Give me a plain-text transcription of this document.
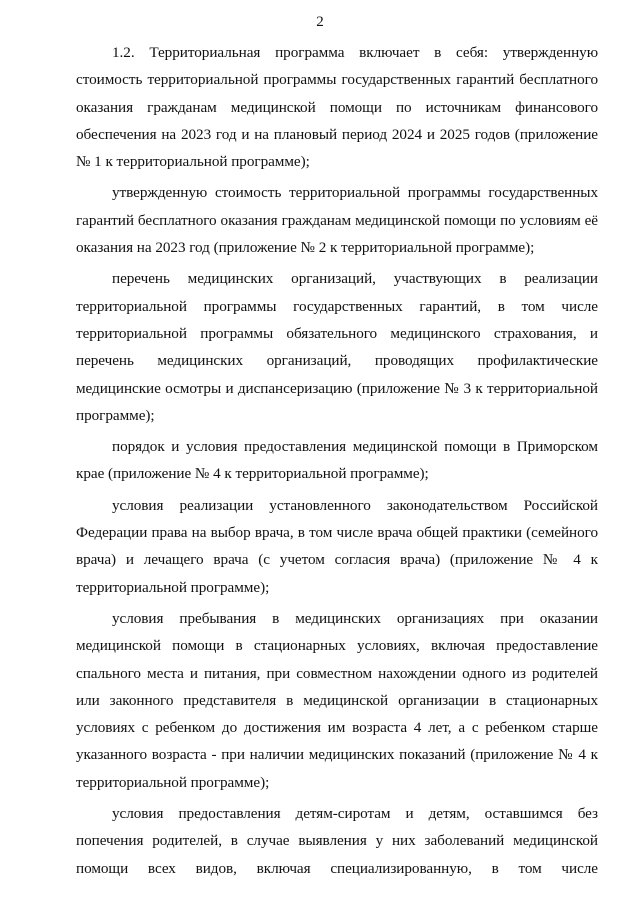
2

1.2. Территориальная программа включает в себя: утвержденную стоимость территориальной программы государственных гарантий бесплатного оказания гражданам медицинской помощи по источникам финансового обеспечения на 2023 год и на плановый период 2024 и 2025 годов (приложение № 1 к территориальной программе);

утвержденную стоимость территориальной программы государственных гарантий бесплатного оказания гражданам медицинской помощи по условиям её оказания на 2023 год (приложение № 2 к территориальной программе);

перечень медицинских организаций, участвующих в реализации территориальной программы государственных гарантий, в том числе территориальной программы обязательного медицинского страхования, и перечень медицинских организаций, проводящих профилактические медицинские осмотры и диспансеризацию (приложение № 3 к территориальной программе);

порядок и условия предоставления медицинской помощи в Приморском крае (приложение № 4 к территориальной программе);

условия реализации установленного законодательством Российской Федерации права на выбор врача, в том числе врача общей практики (семейного врача) и лечащего врача (с учетом согласия врача) (приложение № 4 к территориальной программе);

условия пребывания в медицинских организациях при оказании медицинской помощи в стационарных условиях, включая предоставление спального места и питания, при совместном нахождении одного из родителей или законного представителя в медицинской организации в стационарных условиях с ребенком до достижения им возраста 4 лет, а с ребенком старше указанного возраста - при наличии медицинских показаний (приложение № 4 к территориальной программе);

условия предоставления детям-сиротам и детям, оставшимся без попечения родителей, в случае выявления у них заболеваний медицинской помощи всех видов, включая специализированную, в том числе
